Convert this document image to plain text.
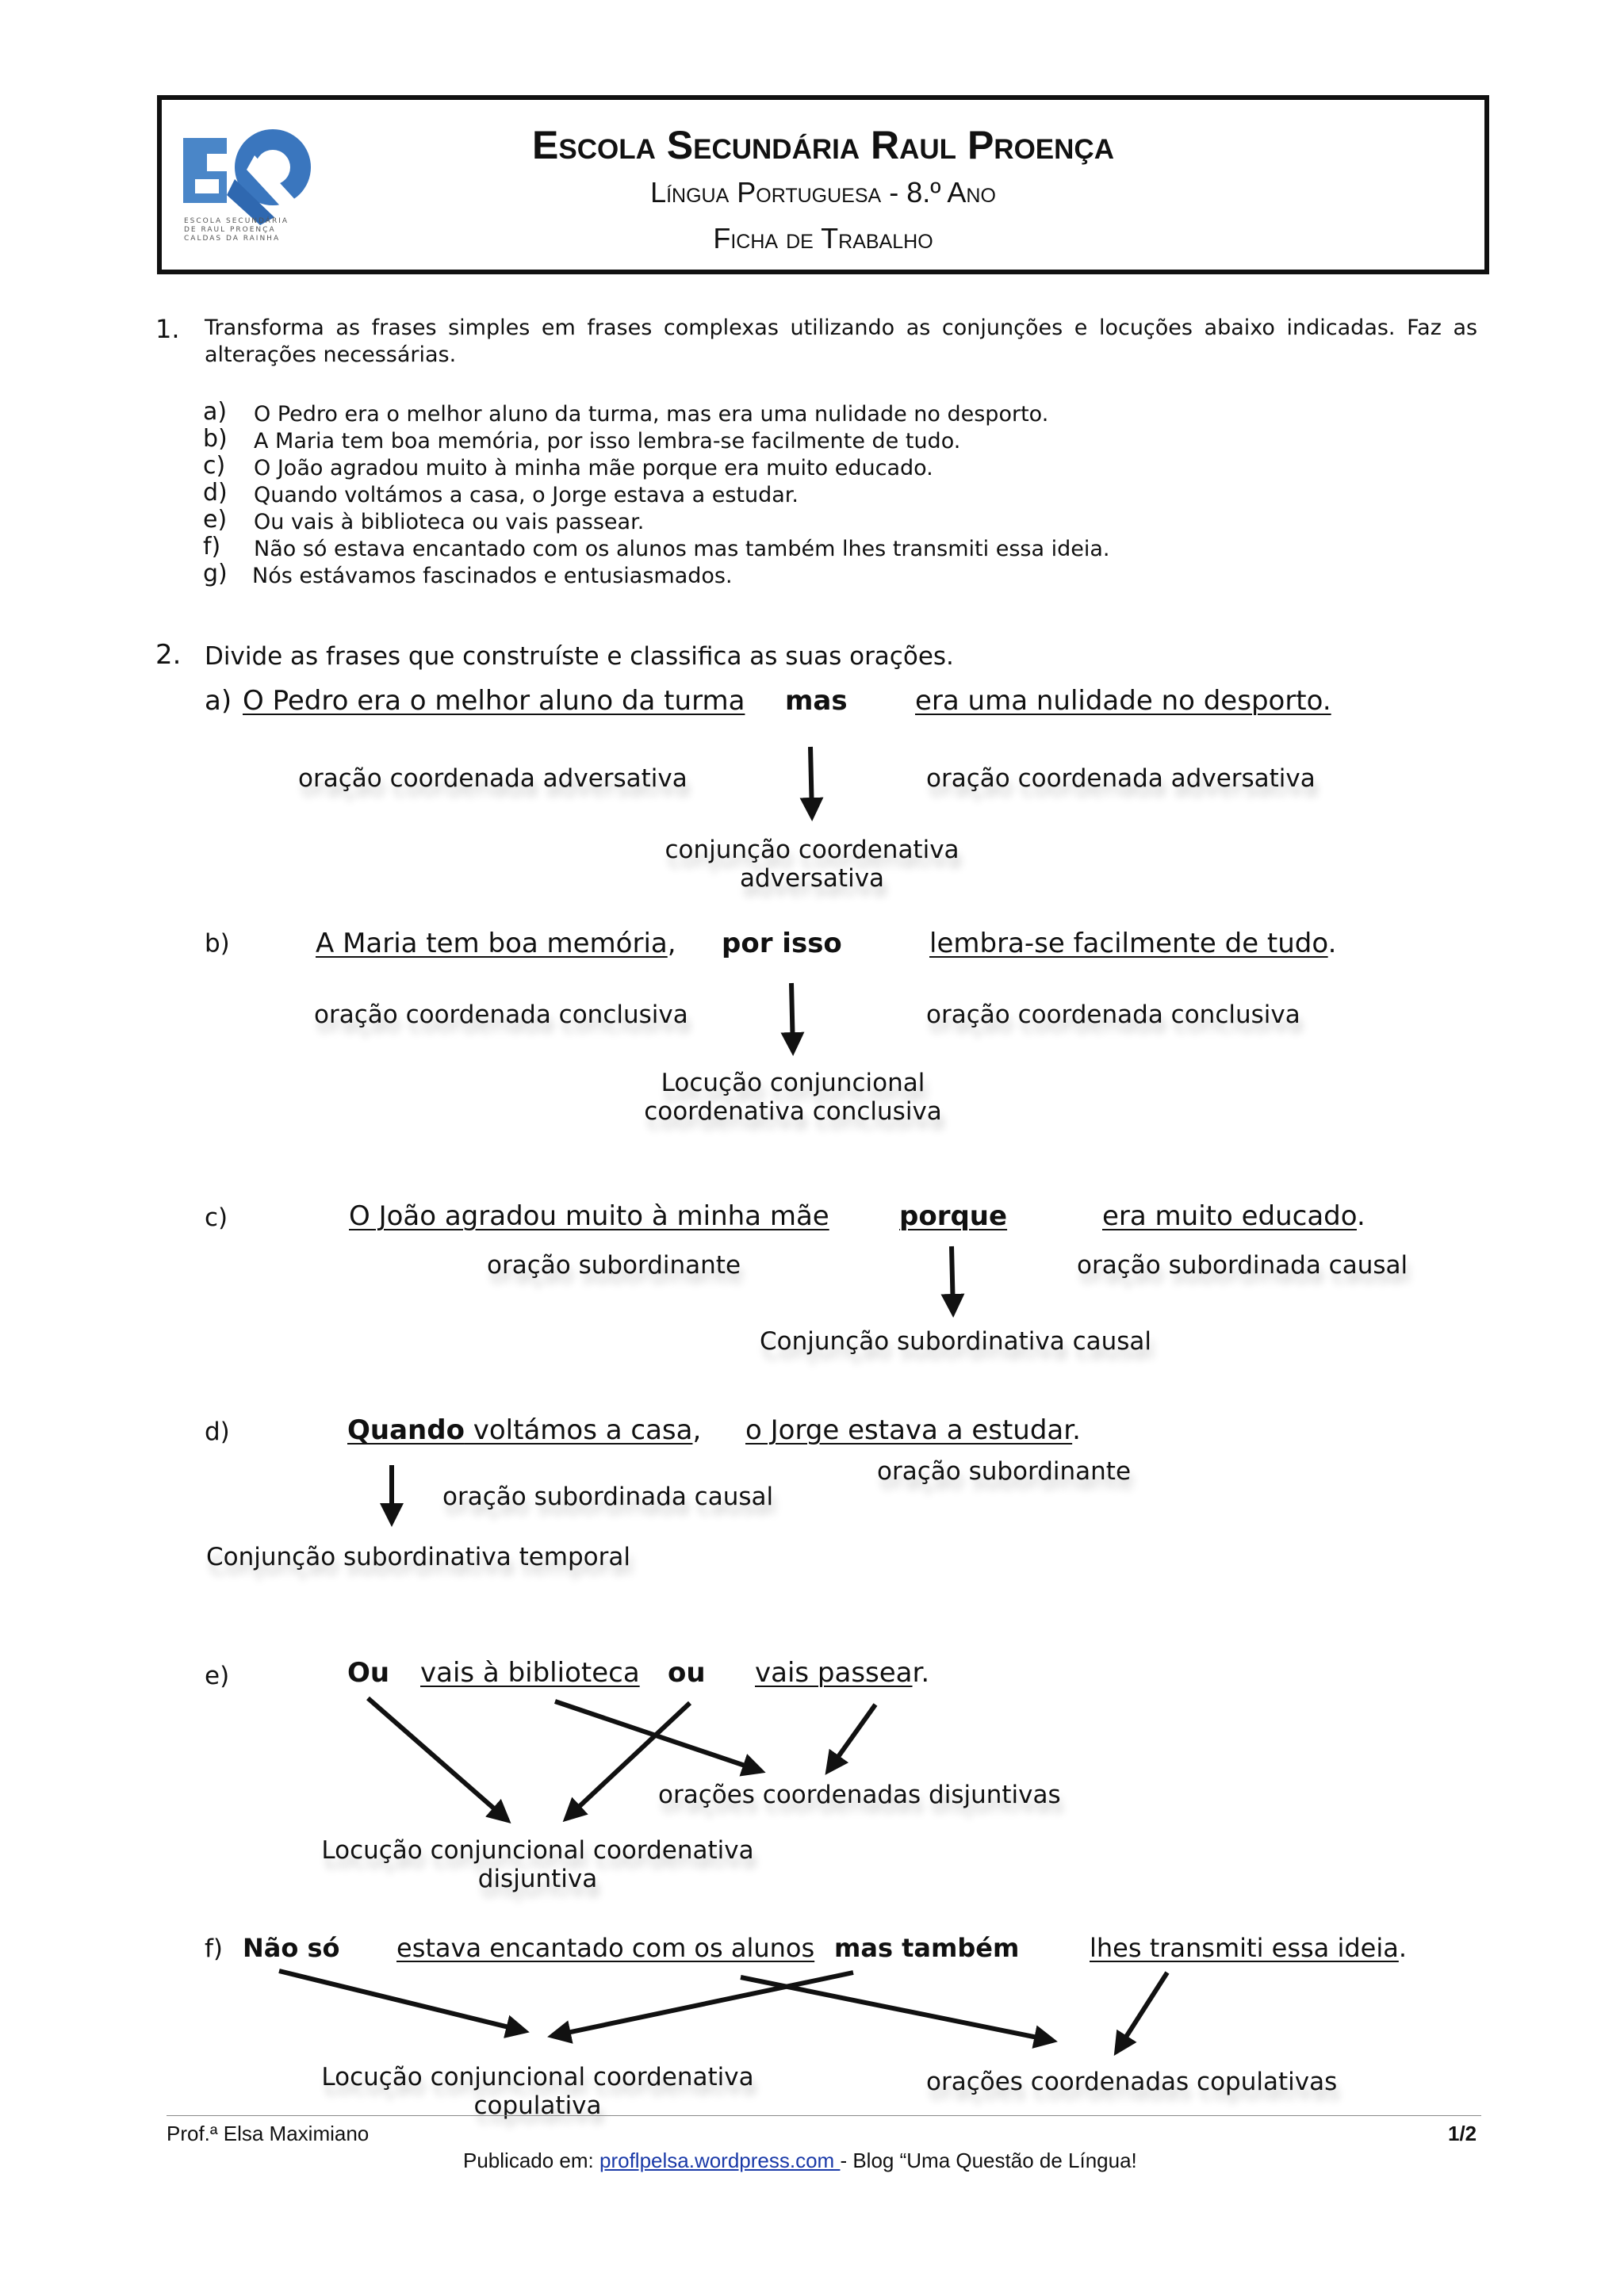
ESCOLA SECUNDÁRIA
DE RAUL PROENÇA
CALDAS DA RAINHA
Escola Secundária Raul Proença
Língua Portuguesa - 8.º Ano
Ficha de Trabalho
1. Transforma as frases simples em frases complexas utilizando as conjunções e locuções abaixo indicadas. Faz as
alterações necessárias.
a) O Pedro era o melhor aluno da turma, mas era uma nulidade no desporto.
b) A Maria tem boa memória, por isso lembra-se facilmente de tudo.
c) O João agradou muito à minha mãe porque era muito educado.
d) Quando voltámos a casa, o Jorge estava a estudar.
e) Ou vais à biblioteca ou vais passear.
f) Não só estava encantado com os alunos mas também lhes transmiti essa ideia.
g) Nós estávamos fascinados e entusiasmados.
2. Divide as frases que construíste e classifica as suas orações.
a) O Pedro era o melhor aluno da turma mas	era uma nulidade no desporto.
oração coordenada adversativa	oração coordenada adversativa
conjunção coordenativa
adversativa
b)	A Maria tem boa memória, por isso	lembra-se facilmente de tudo.
oração coordenada conclusiva	oração coordenada conclusiva
Locução conjuncional
coordenativa conclusiva
c)	O João agradou muito à minha mãe	porque	era muito educado.
oração subordinante	oração subordinada causal
Conjunção subordinativa causal
d)	Quando voltámos a casa, o Jorge estava a estudar.
oração subordinante
oração subordinada causal
Conjunção subordinativa temporal
e)	Ou vais à biblioteca ou vais passear.
orações coordenadas disjuntivas
Locução conjuncional coordenativa
disjuntiva
f) Não só estava encantado com os alunos mas também	lhes transmiti essa ideia.
Locução conjuncional coordenativa
copulativa
orações coordenadas copulativas
Prof.ª Elsa Maximiano	1/2
Publicado em: proflpelsa.wordpress.com - Blog “Uma Questão de Língua!
